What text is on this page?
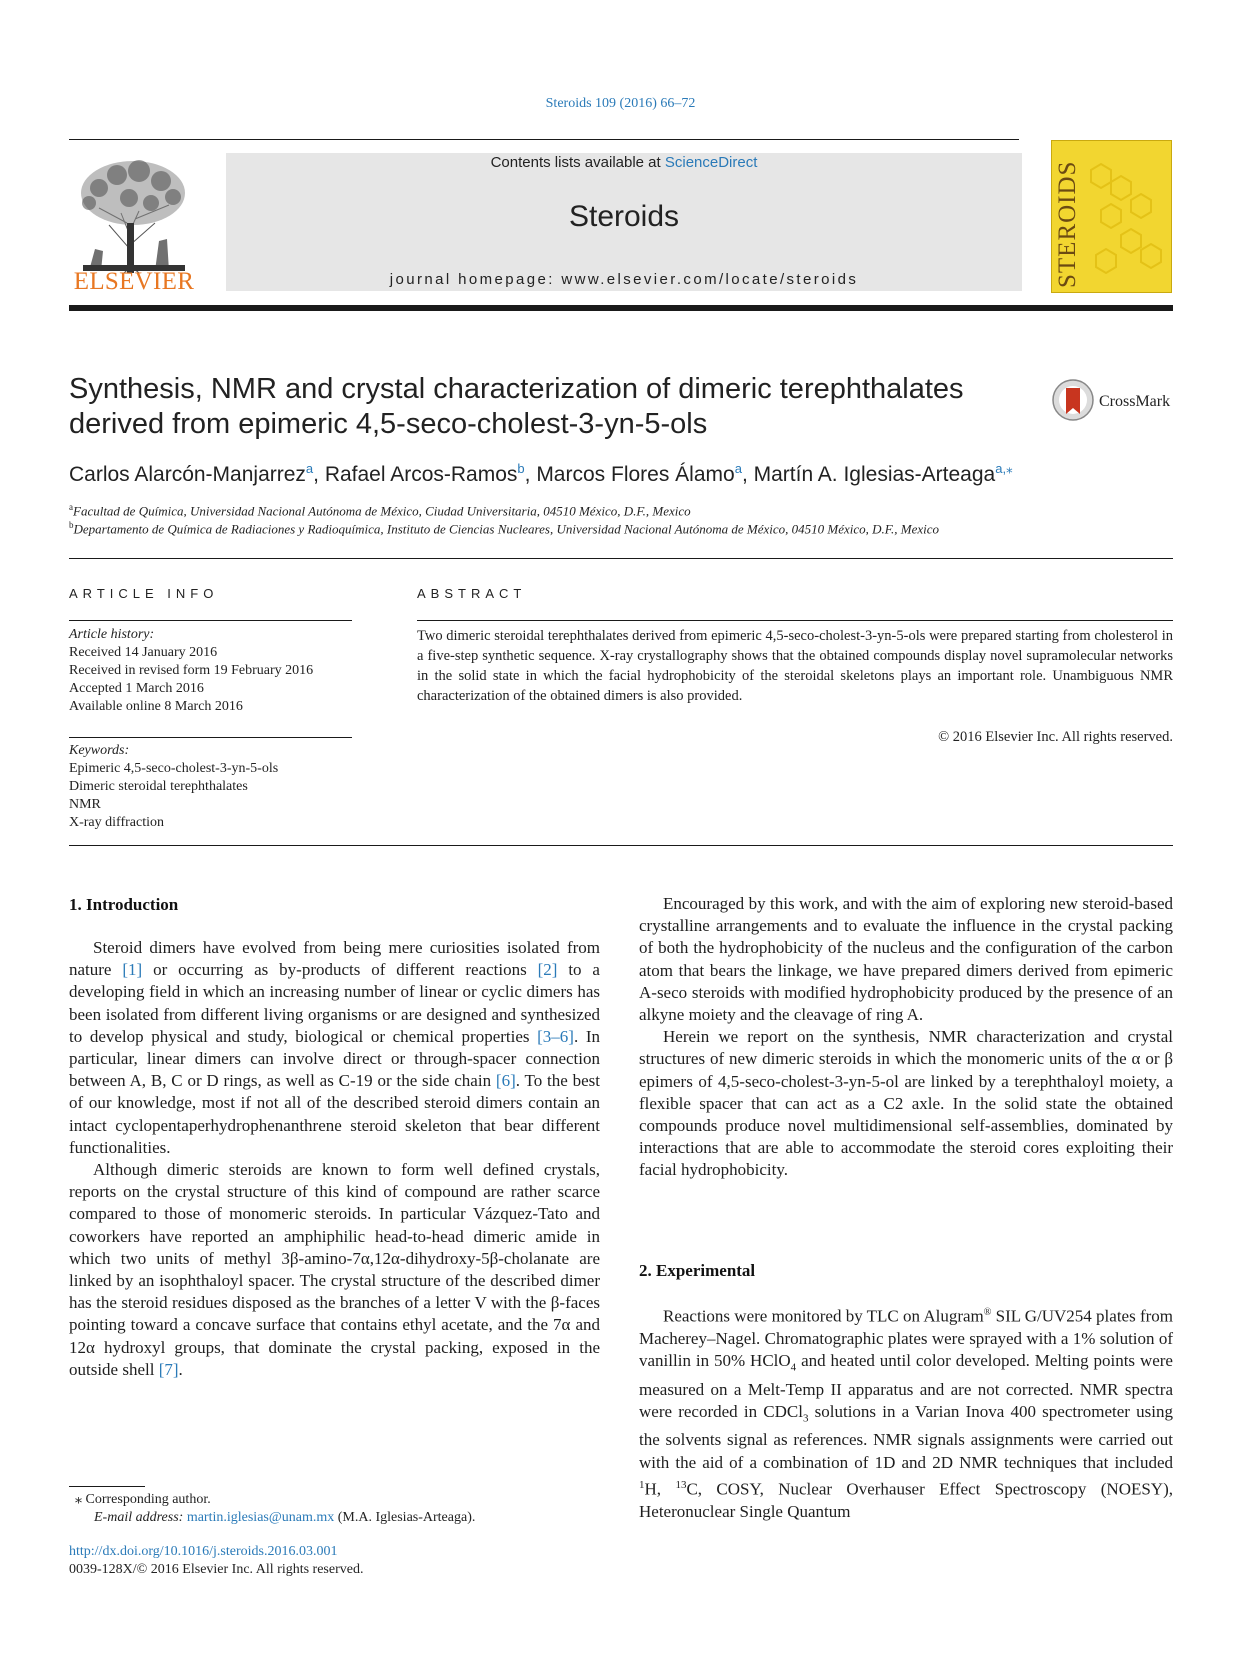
Steroids 109 (2016) 66–72
ELSEVIER
Contents lists available at ScienceDirect
Steroids
journal homepage: www.elsevier.com/locate/steroids	STEROIDS
Synthesis, NMR and crystal characterization of dimeric terephthalates
derived from epimeric 4,5-seco-cholest-3-yn-5-ols
CrossMark
Carlos Alarcón-Manjarrez$^a$, Rafael Arcos-Ramos$^b$, Marcos Flores Álamo$^a$, Martín A. Iglesias-Arteaga$^{a,⁎}$
$^a$Facultad de Química, Universidad Nacional Autónoma de México, Ciudad Universitaria, 04510 México, D.F., Mexico
$^b$Departamento de Química de Radiaciones y Radioquímica, Instituto de Ciencias Nucleares, Universidad Nacional Autónoma de México, 04510 México, D.F., Mexico
ARTICLE INFO
Article history:
Received 14 January 2016
Received in revised form 19 February 2016
Accepted 1 March 2016
Available online 8 March 2016
Keywords:
Epimeric 4,5-seco-cholest-3-yn-5-ols
Dimeric steroidal terephthalates
NMR
X-ray diffraction
ABSTRACT
Two dimeric steroidal terephthalates derived from epimeric 4,5-seco-cholest-3-yn-5-ols were prepared starting from cholesterol in a five-step synthetic sequence. X-ray crystallography shows that the obtained compounds display novel supramolecular networks in the solid state in which the facial hydrophobicity of the steroidal skeletons plays an important role. Unambiguous NMR characterization of the obtained dimers is also provided.
© 2016 Elsevier Inc. All rights reserved.
1. Introduction

Steroid dimers have evolved from being mere curiosities isolated from nature [1] or occurring as by-products of different reactions [2] to a developing field in which an increasing number of linear or cyclic dimers has been isolated from different living organisms or are designed and synthesized to develop physical and study, biological or chemical properties [3–6]. In particular, linear dimers can involve direct or through-spacer connection between A, B, C or D rings, as well as C-19 or the side chain [6]. To the best of our knowledge, most if not all of the described steroid dimers contain an intact cyclopentaperhydrophenanthrene steroid skeleton that bear different functionalities.

Although dimeric steroids are known to form well defined crystals, reports on the crystal structure of this kind of compound are rather scarce compared to those of monomeric steroids. In particular Vázquez-Tato and coworkers have reported an amphiphilic head-to-head dimeric amide in which two units of methyl 3β-amino-7α,12α-dihydroxy-5β-cholanate are linked by an isophthaloyl spacer. The crystal structure of the described dimer has the steroid residues disposed as the branches of a letter V with the β-faces pointing toward a concave surface that contains ethyl acetate, and the 7α and 12α hydroxyl groups, that dominate the crystal packing, exposed in the outside shell [7].

⁎ Corresponding author.
E-mail address: martin.iglesias@unam.mx (M.A. Iglesias-Arteaga).
http://dx.doi.org/10.1016/j.steroids.2016.03.001
0039-128X/© 2016 Elsevier Inc. All rights reserved.

Encouraged by this work, and with the aim of exploring new steroid-based crystalline arrangements and to evaluate the influence in the crystal packing of both the hydrophobicity of the nucleus and the configuration of the carbon atom that bears the linkage, we have prepared dimers derived from epimeric A-seco steroids with modified hydrophobicity produced by the presence of an alkyne moiety and the cleavage of ring A.

Herein we report on the synthesis, NMR characterization and crystal structures of new dimeric steroids in which the monomeric units of the α or β epimers of 4,5-seco-cholest-3-yn-5-ol are linked by a terephthaloyl moiety, a flexible spacer that can act as a C2 axle. In the solid state the obtained compounds produce novel multidimensional self-assemblies, dominated by interactions that are able to accommodate the steroid cores exploiting their facial hydrophobicity.

2. Experimental

Reactions were monitored by TLC on Alugram® SIL G/UV254 plates from Macherey–Nagel. Chromatographic plates were sprayed with a 1% solution of vanillin in 50% HClO$_4$ and heated until color developed. Melting points were measured on a Melt-Temp II apparatus and are not corrected. NMR spectra were recorded in CDCl$_3$ solutions in a Varian Inova 400 spectrometer using the solvents signal as references. NMR signals assignments were carried out with the aid of a combination of 1D and 2D NMR techniques that included $^1$H, $^{13}$C, COSY, Nuclear Overhauser Effect Spectroscopy (NOESY), Heteronuclear Single Quantum
